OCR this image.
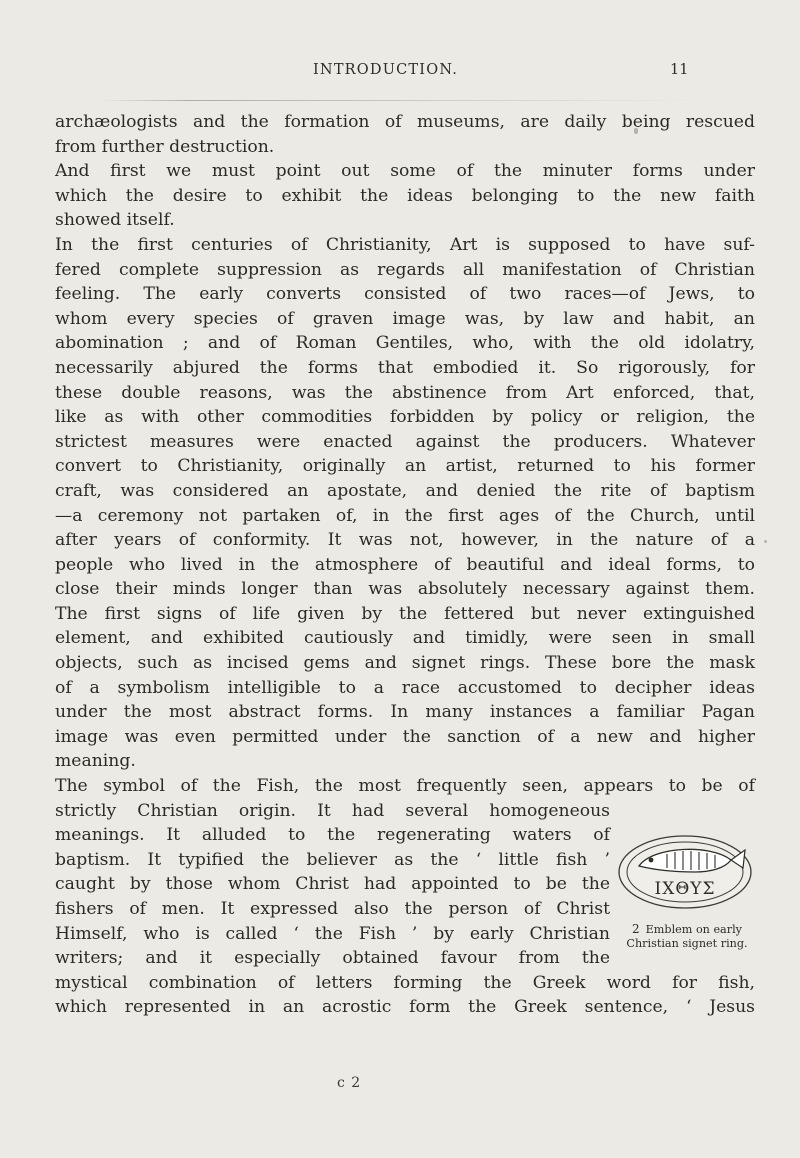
INTRODUCTION.	11
archæologists and the formation of museums, are daily being rescued
from further destruction.
And first we must point out some of the minuter forms under
which the desire to exhibit the ideas belonging to the new faith
showed itself.
In the first centuries of Christianity, Art is supposed to have suf-
fered complete suppression as regards all manifestation of Christian
feeling. The early converts consisted of two races—of Jews, to
whom every species of graven image was, by law and habit, an
abomination ; and of Roman Gentiles, who, with the old idolatry,
necessarily abjured the forms that embodied it. So rigorously, for
these double reasons, was the abstinence from Art enforced, that,
like as with other commodities forbidden by policy or religion, the
strictest measures were enacted against the producers. Whatever
convert to Christianity, originally an artist, returned to his former
craft, was considered an apostate, and denied the rite of baptism
—a ceremony not partaken of, in the first ages of the Church, until
after years of conformity. It was not, however, in the nature of a
people who lived in the atmosphere of beautiful and ideal forms, to
close their minds longer than was absolutely necessary against them.
The first signs of life given by the fettered but never extinguished
element, and exhibited cautiously and timidly, were seen in small
objects, such as incised gems and signet rings. These bore the mask
of a symbolism intelligible to a race accustomed to decipher ideas
under the most abstract forms. In many instances a familiar Pagan
image was even permitted under the sanction of a new and higher
meaning.
The symbol of the Fish, the most frequently seen, appears to be of
strictly Christian origin. It had several homogeneous
meanings. It alluded to the regenerating waters of
baptism. It typified the believer as the ‘ little fish ’
caught by those whom Christ had appointed to be the
fishers of men. It expressed also the person of Christ
Himself, who is called ‘ the Fish ’ by early Christian
writers; and it especially obtained favour from the
mystical combination of letters forming the Greek word for fish,
which represented in an acrostic form the Greek sentence, ‘ Jesus
ΙΧΘΥΣ
2 Emblem on early Christian signet ring.
c 2
